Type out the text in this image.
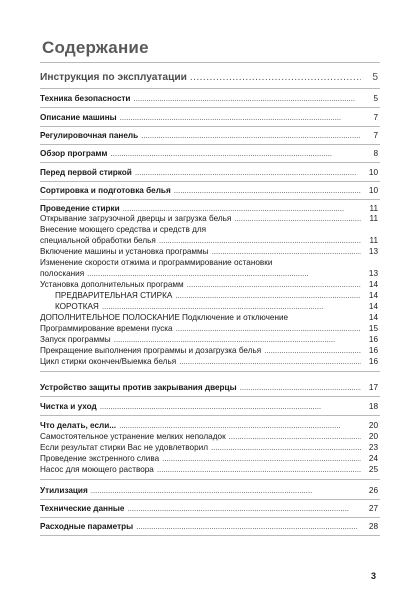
Содержание
Инструкция по эксплуатации . . .	5
Техника безопасности . . .	5
Описание машины . . .	7
Регулировочная панель . . .	7
Обзор программ . . .	8
Перед первой стиркой . . .	10
Сортировка и подготовка белья . . .	10
Проведение стирки . . .	11
Открывание загрузочной дверцы и загрузка белья . . .	11
Внесение моющего средства и средств для
специальной обработки белья . . .	11
Включение машины и установка программы . . .	13
Изменение скорости отжима и программирование остановки
полоскания . . .	13
Установка дополнительных программ . . .	14
ПРЕДВАРИТЕЛЬНАЯ СТИРКА . . .	14
КОРОТКАЯ . . .	14
ДОПОЛНИТЕЛЬНОЕ ПОЛОСКАНИЕ Подключение и отключение	14
Программирование времени пуска . . .	15
Запуск программы . . .	16
Прекращение выполнения программы и дозагрузка белья . . .	16
Цикл стирки окончен/Выемка белья . . .	16
Устройство защиты против закрывания дверцы . . .	17
Чистка и уход . . .	18
Что делать, если... . . .	20
Самостоятельное устранение мелких неполадок . . .	20
Если результат стирки Вас не удовлетворил . . .	23
Проведение экстренного слива . . .	24
Насос для моющего раствора . . .	25
Утилизация . . .	26
Технические данные . . .	27
Расходные параметры . . .	28
3
